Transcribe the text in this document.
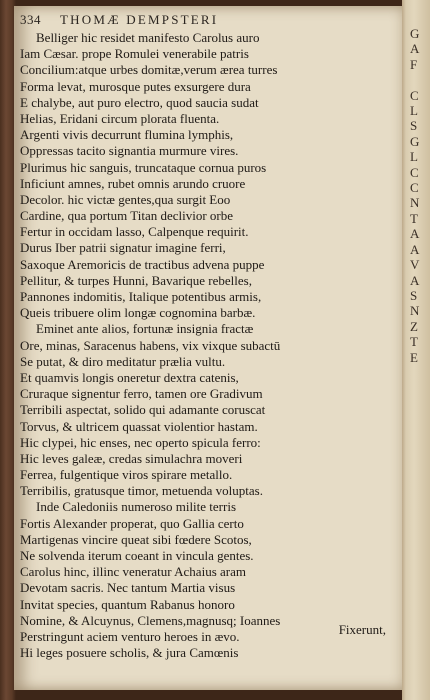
G
A
F

C
L
S
G
L
C
C
N
T
A
A
V
A
S
N
Z
T
E
334 THOMÆ DEMPSTERI
Belliger hic residet manifesto Carolus auro
Iam Cæsar. prope Romulei venerabile patris
Concilium:atque urbes domitæ,verum ærea turres
Forma levat, murosque putes exsurgere dura
E chalybe, aut puro electro, quod saucia sudat
Helias, Eridani circum plorata fluenta.
Argenti vivis decurrunt flumina lymphis,
Oppressas tacito signantia murmure vires.
Plurimus hic sanguis, truncataque cornua puros
Inficiunt amnes, rubet omnis arundo cruore
Decolor. hic victæ gentes,qua surgit Eoo
Cardine, qua portum Titan declivior orbe
Fertur in occidam lasso, Calpenque requirit.
Durus Iber patrii signatur imagine ferri,
Saxoque Aremoricis de tractibus advena puppe
Pellitur, & turpes Hunni, Bavarique rebelles,
Pannones indomitis, Italique potentibus armis,
Queis tribuere olim longæ cognomina barbæ.
Eminet ante alios, fortunæ insignia fractæ
Ore, minas, Saracenus habens, vix vixque subactū
Se putat, & diro meditatur prælia vultu.
Et quamvis longis oneretur dextra catenis,
Cruraque signentur ferro, tamen ore Gradivum
Terribili aspectat, solido qui adamante coruscat
Torvus, & ultricem quassat violentior hastam.
Hic clypei, hic enses, nec operto spicula ferro:
Hic leves galeæ, credas simulachra moveri
Ferrea, fulgentique viros spirare metallo.
Terribilis, gratusque timor, metuenda voluptas.
Inde Caledoniis numeroso milite terris
Fortis Alexander properat, quo Gallia certo
Martigenas vincire queat sibi fœdere Scotos,
Ne solvenda iterum coeant in vincula gentes.
Carolus hinc, illinc veneratur Achaius aram
Devotam sacris. Nec tantum Martia visus
Invitat species, quantum Rabanus honoro
Nomine, & Alcuynus, Clemens,magnusq; Ioannes
Perstringunt aciem venturo heroes in ævo.
Hi leges posuere scholis, & jura Camœnis
Fixerunt,
